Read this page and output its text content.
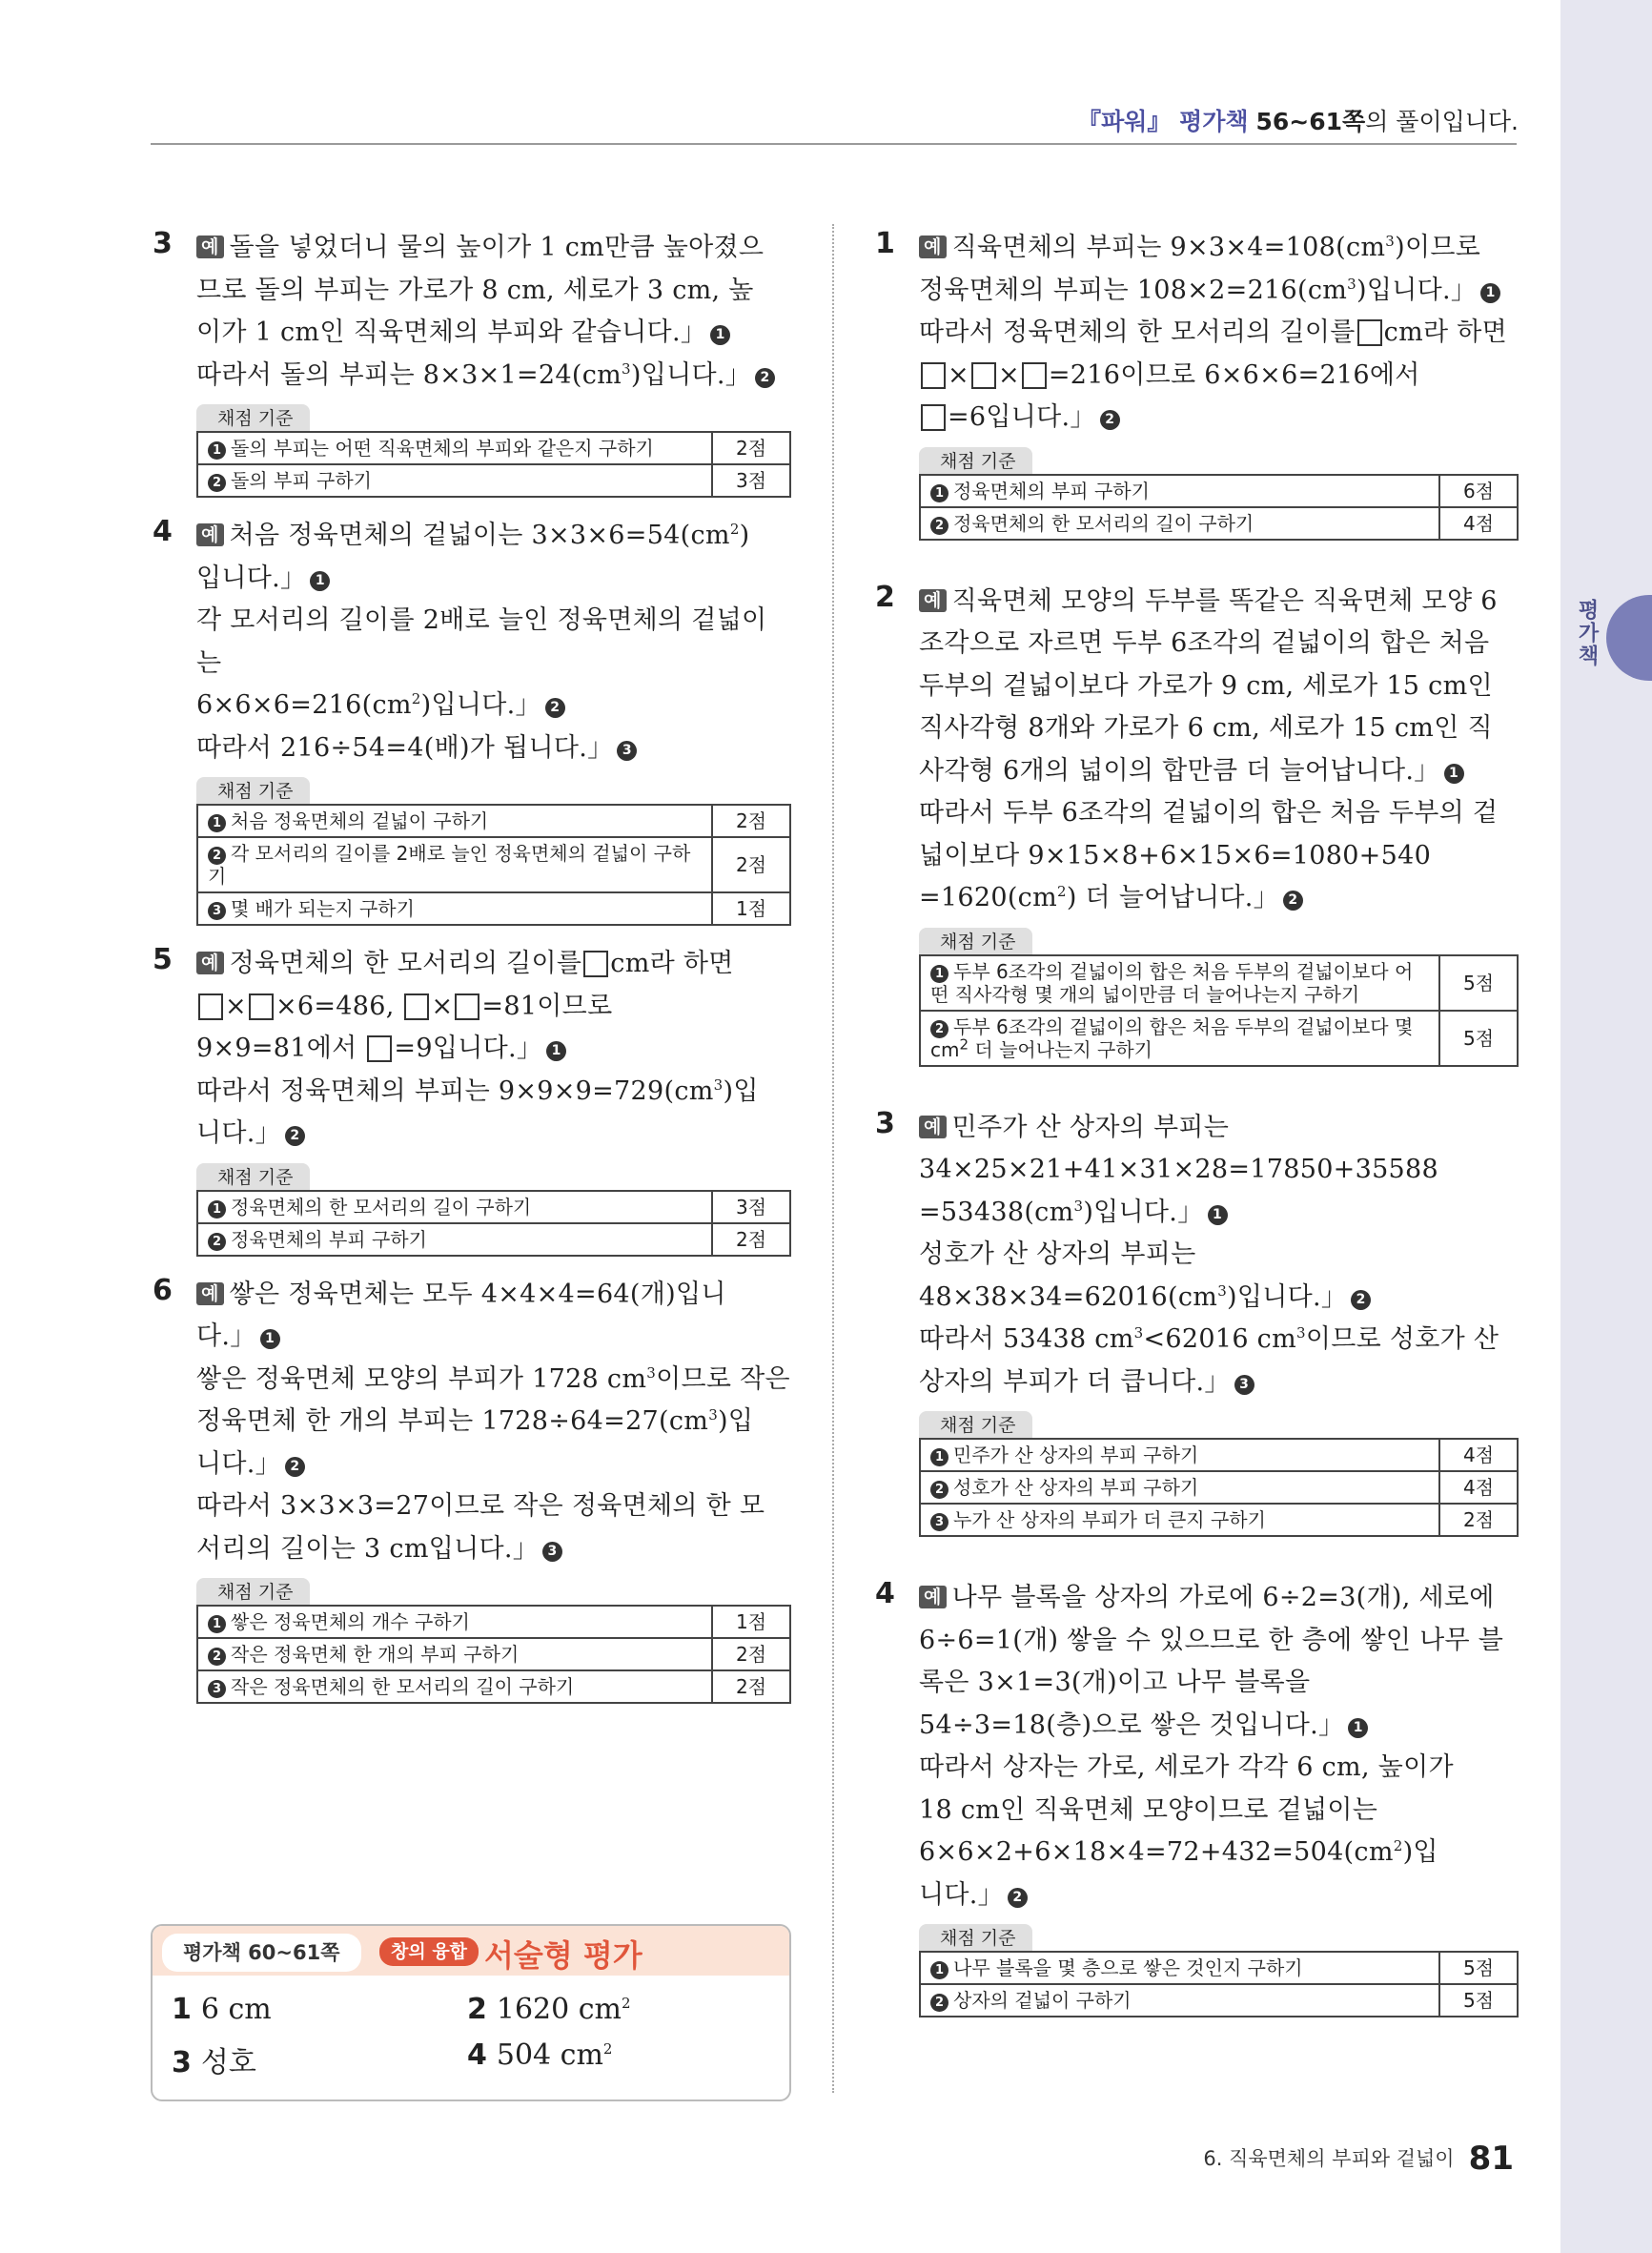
평가책
『파워』 평가책 56~61쪽의 풀이입니다.
3 예 돌을 넣었더니 물의 높이가 1 cm만큼 높아졌으
므로 돌의 부피는 가로가 8 cm, 세로가 3 cm, 높
이가 1 cm인 직육면체의 부피와 같습니다.」 1
따라서 돌의 부피는 $8\times 3\times 1=24(cm^3)$입니다.」 2
채점 기준
1 돌의 부피는 어떤 직육면체의 부피와 같은지 구하기	2점
2 돌의 부피 구하기	3점
4 예 처음 정육면체의 겉넓이는 $3\times 3\times 6=54(cm^2)$
입니다.」 1
각 모서리의 길이를 2배로 늘인 정육면체의 겉넓이는
$6\times 6\times 6=216(cm^2)$입니다.」 2
따라서 216÷54=4(배)가 됩니다.」 3
채점 기준
1 처음 정육면체의 겉넓이 구하기	2점
2 각 모서리의 길이를 2배로 늘인 정육면체의 겉넓이 구하기	2점
3 몇 배가 되는지 구하기	1점
5 예 정육면체의 한 모서리의 길이를 cm라 하면
× ×6=486, × =81이므로
9×9=81에서 =9입니다.」 1
따라서 정육면체의 부피는 $9\times 9\times 9=729(cm^3)$입
니다.」 2
채점 기준
1 정육면체의 한 모서리의 길이 구하기	3점
2 정육면체의 부피 구하기	2점
6 예 쌓은 정육면체는 모두 4×4×4=64(개)입니
다.」 1
쌓은 정육면체 모양의 부피가 1728 $cm^3$이므로 작은
정육면체 한 개의 부피는 $1728\div 64=27(cm^3)$입
니다.」 2
따라서 3×3×3=27이므로 작은 정육면체의 한 모
서리의 길이는 3 cm입니다.」 3
채점 기준
1 쌓은 정육면체의 개수 구하기	1점
2 작은 정육면체 한 개의 부피 구하기	2점
3 작은 정육면체의 한 모서리의 길이 구하기	2점
평가책 60~61쪽	창의 융합 서술형 평가
1 6 cm	2 1620 $cm^2$
3 성호	4 504 $cm^2$
1 예 직육면체의 부피는 $9\times 3\times 4=108(cm^3)$이므로
정육면체의 부피는 $108\times 2=216(cm^3)$입니다.」 1
따라서 정육면체의 한 모서리의 길이를 cm라 하면
× × =216이므로 6×6×6=216에서
=6입니다.」 2
채점 기준
1 정육면체의 부피 구하기	6점
2 정육면체의 한 모서리의 길이 구하기	4점
2 예 직육면체 모양의 두부를 똑같은 직육면체 모양 6
조각으로 자르면 두부 6조각의 겉넓이의 합은 처음
두부의 겉넓이보다 가로가 9 cm, 세로가 15 cm인
직사각형 8개와 가로가 6 cm, 세로가 15 cm인 직
사각형 6개의 넓이의 합만큼 더 늘어납니다.」 1
따라서 두부 6조각의 겉넓이의 합은 처음 두부의 겉
넓이보다 9×15×8+6×15×6=1080+540
$=1620(cm^2)$ 더 늘어납니다.」 2
채점 기준
1 두부 6조각의 겉넓이의 합은 처음 두부의 겉넓이보다 어떤 직사각형 몇 개의 넓이만큼 더 늘어나는지 구하기	5점
2 두부 6조각의 겉넓이의 합은 처음 두부의 겉넓이보다 몇 $cm^2$ 더 늘어나는지 구하기	5점
3 예 민주가 산 상자의 부피는
34×25×21+41×31×28=17850+35588
$=53438(cm^3)$입니다.」 1
성호가 산 상자의 부피는
$48\times 38\times 34=62016(cm^3)$입니다.」 2
따라서 53438 $cm^3<62016$ $cm^3$이므로 성호가 산
상자의 부피가 더 큽니다.」 3
채점 기준
1 민주가 산 상자의 부피 구하기	4점
2 성호가 산 상자의 부피 구하기	4점
3 누가 산 상자의 부피가 더 큰지 구하기	2점
4 예 나무 블록을 상자의 가로에 6÷2=3(개), 세로에
6÷6=1(개) 쌓을 수 있으므로 한 층에 쌓인 나무 블
록은 3×1=3(개)이고 나무 블록을
54÷3=18(층)으로 쌓은 것입니다.」 1
따라서 상자는 가로, 세로가 각각 6 cm, 높이가
18 cm인 직육면체 모양이므로 겉넓이는
$6\times 6\times 2+6\times 18\times 4=72+432=504(cm^2)$입
니다.」 2
채점 기준
1 나무 블록을 몇 층으로 쌓은 것인지 구하기	5점
2 상자의 겉넓이 구하기	5점
6. 직육면체의 부피와 겉넓이 81
